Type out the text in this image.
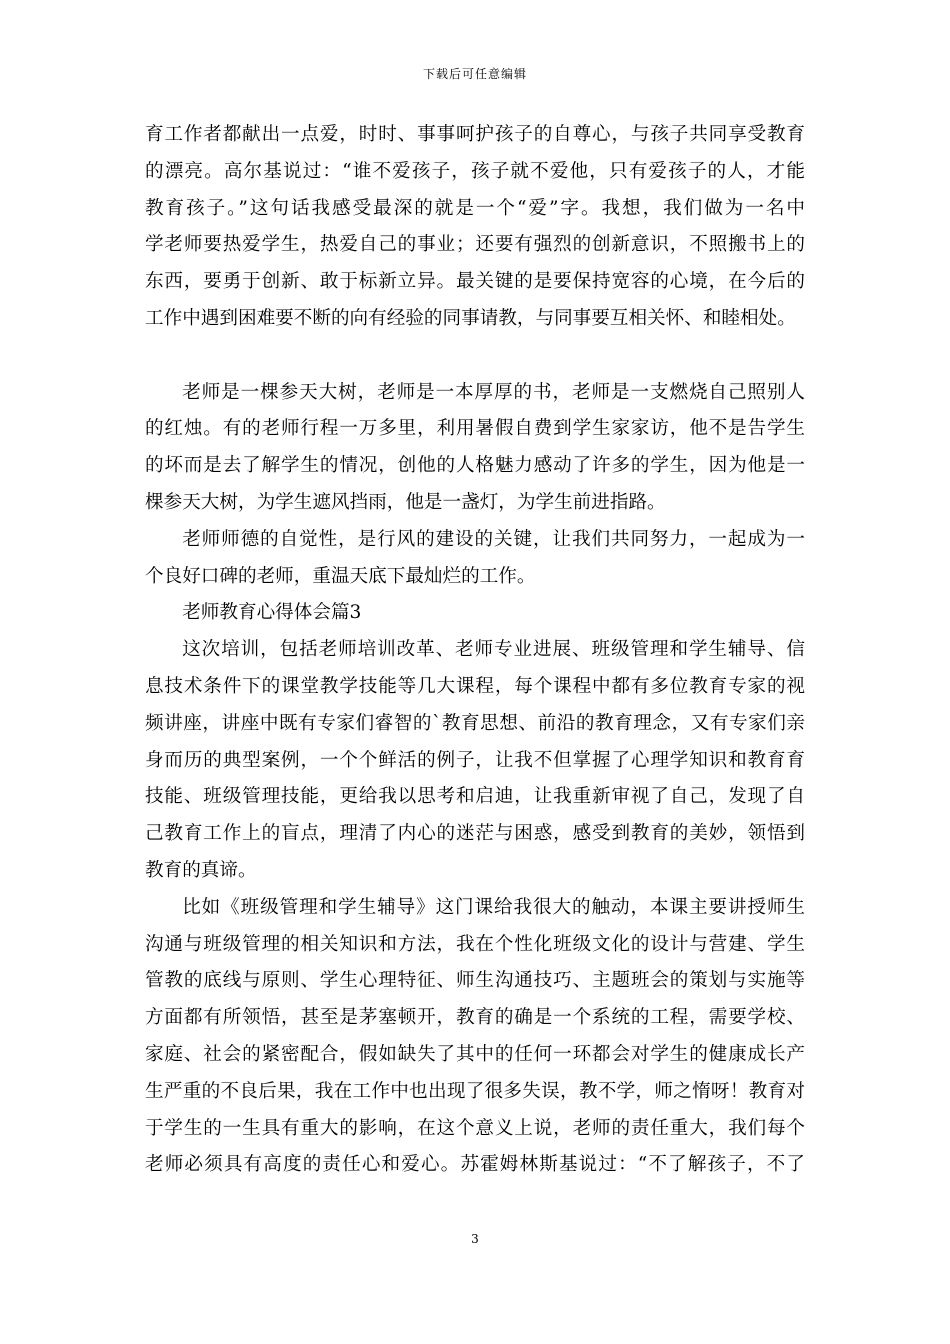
下载后可任意编辑
育工作者都献出一点爱，时时、事事呵护孩子的自尊心，与孩子共同享受教育
的漂亮。高尔基说过：“谁不爱孩子，孩子就不爱他，只有爱孩子的人，才能
教育孩子。”这句话我感受最深的就是一个“爱”字。我想，我们做为一名中
学老师要热爱学生，热爱自己的事业；还要有强烈的创新意识，不照搬书上的
东西，要勇于创新、敢于标新立异。最关键的是要保持宽容的心境，在今后的
工作中遇到困难要不断的向有经验的同事请教，与同事要互相关怀、和睦相处。
老师是一棵参天大树，老师是一本厚厚的书，老师是一支燃烧自己照别人
的红烛。有的老师行程一万多里，利用暑假自费到学生家家访，他不是告学生
的坏而是去了解学生的情况，创他的人格魅力感动了许多的学生，因为他是一
棵参天大树，为学生遮风挡雨，他是一盏灯，为学生前进指路。
老师师德的自觉性，是行风的建设的关键，让我们共同努力，一起成为一
个良好口碑的老师，重温天底下最灿烂的工作。
老师教育心得体会篇3
这次培训，包括老师培训改革、老师专业进展、班级管理和学生辅导、信
息技术条件下的课堂教学技能等几大课程，每个课程中都有多位教育专家的视
频讲座，讲座中既有专家们睿智的`教育思想、前沿的教育理念，又有专家们亲
身而历的典型案例，一个个鲜活的例子，让我不但掌握了心理学知识和教育育
技能、班级管理技能，更给我以思考和启迪，让我重新审视了自己，发现了自
己教育工作上的盲点，理清了内心的迷茫与困惑，感受到教育的美妙，领悟到
教育的真谛。
比如《班级管理和学生辅导》这门课给我很大的触动，本课主要讲授师生
沟通与班级管理的相关知识和方法，我在个性化班级文化的设计与营建、学生
管教的底线与原则、学生心理特征、师生沟通技巧、主题班会的策划与实施等
方面都有所领悟，甚至是茅塞顿开，教育的确是一个系统的工程，需要学校、
家庭、社会的紧密配合，假如缺失了其中的任何一环都会对学生的健康成长产
生严重的不良后果，我在工作中也出现了很多失误，教不学，师之惰呀！教育对
于学生的一生具有重大的影响，在这个意义上说，老师的责任重大，我们每个
老师必须具有高度的责任心和爱心。苏霍姆林斯基说过：“不了解孩子，不了
3
